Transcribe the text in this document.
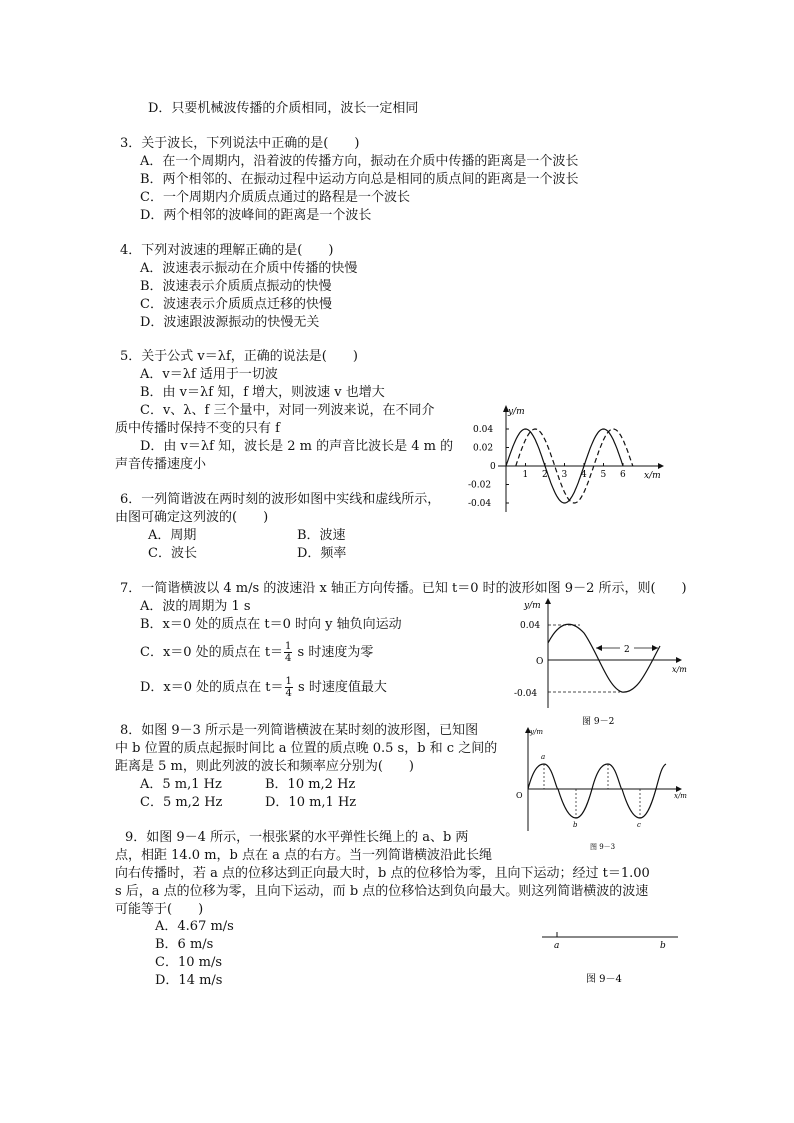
D．只要机械波传播的介质相同，波长一定相同
3．关于波长，下列说法中正确的是(　　)
A．在一个周期内，沿着波的传播方向，振动在介质中传播的距离是一个波长
B．两个相邻的、在振动过程中运动方向总是相同的质点间的距离是一个波长
C．一个周期内介质质点通过的路程是一个波长
D．两个相邻的波峰间的距离是一个波长
4．下列对波速的理解正确的是(　　)
A．波速表示振动在介质中传播的快慢
B．波速表示介质质点振动的快慢
C．波速表示介质质点迁移的快慢
D．波速跟波源振动的快慢无关
5．关于公式 v＝λf，正确的说法是(　　)
A．v＝λf 适用于一切波
B．由 v＝λf 知，f 增大，则波速 v 也增大
C．v、λ、f 三个量中，对同一列波来说，在不同介
质中传播时保持不变的只有 f
D．由 v＝λf 知，波长是 2 m 的声音比波长是 4 m 的
声音传播速度小
6．一列简谐波在两时刻的波形如图中实线和虚线所示，
由图可确定这列波的(　　)
A．周期	B．波速
C．波长	D．频率
y/m
x/m
0.04
0.02
0
-0.02
-0.04
1 2 3 4 5 6
7．一简谐横波以 4 m/s 的波速沿 x 轴正方向传播。已知 t＝0 时的波形如图 9－2 所示，则(　　)
A．波的周期为 1 s
B．x＝0 处的质点在 t＝0 时向 y 轴负向运动
C．x＝0 处的质点在 $t= \frac{1}{4}$ s 时速度为零
D．x＝0 处的质点在 $t= \frac{1}{4}$ s 时速度值最大
y/m
x/m
O
0.04
-0.04
2
图 9－2
8．如图 9－3 所示是一列简谐横波在某时刻的波形图，已知图
中 b 位置的质点起振时间比 a 位置的质点晚 0.5 s，b 和 c 之间的
距离是 5 m，则此列波的波长和频率应分别为(　　)
A．5 m,1 Hz	B．10 m,2 Hz
C．5 m,2 Hz	D．10 m,1 Hz
y/m
x/m
O
a
b	c
图 9－3
9．如图 9－4 所示，一根张紧的水平弹性长绳上的 a、b 两
点，相距 14.0 m，b 点在 a 点的右方。当一列简谐横波沿此长绳
向右传播时，若 a 点的位移达到正向最大时，b 点的位移恰为零，且向下运动；经过 t＝1.00
s 后，a 点的位移为零，且向下运动，而 b 点的位移恰达到负向最大。则这列简谐横波的波速
可能等于(　　)
A．4.67 m/s
B．6 m/s
C．10 m/s
D．14 m/s
a	b
图 9－4
